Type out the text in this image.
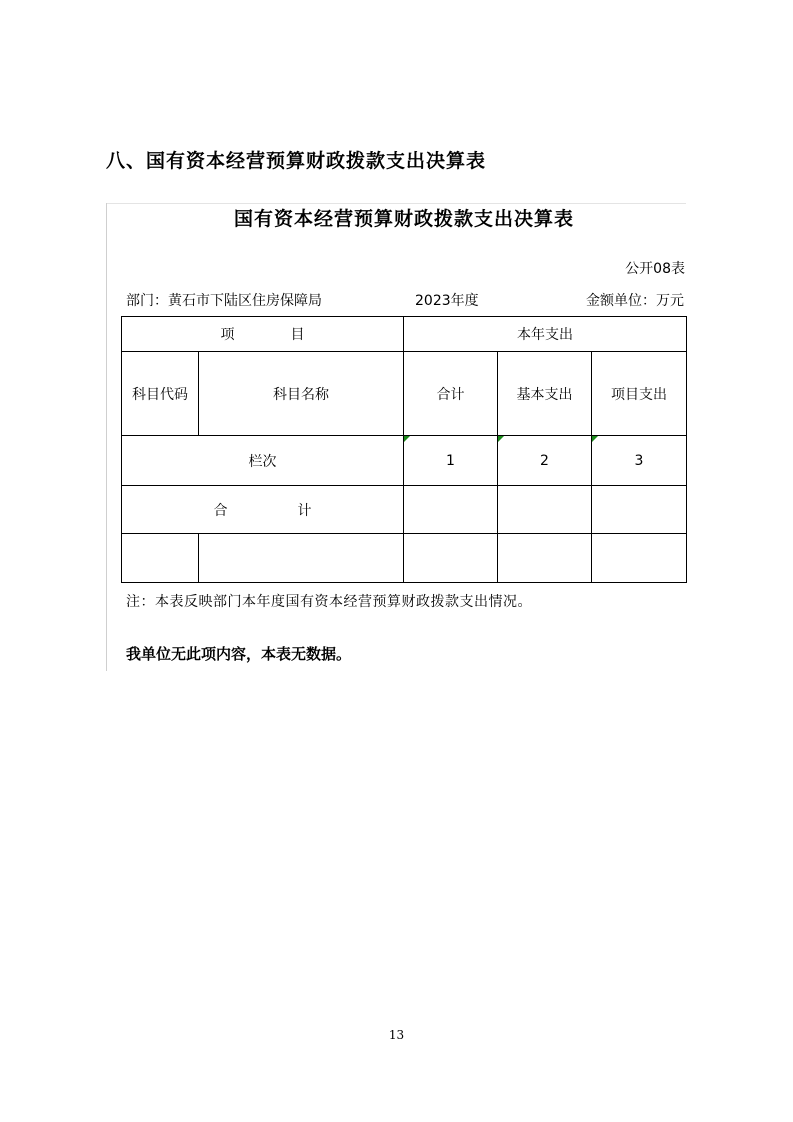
八、国有资本经营预算财政拨款支出决算表
国有资本经营预算财政拨款支出决算表
公开08表
部门：黄石市下陆区住房保障局	2023年度	金额单位：万元
项　　　　目		本年支出		
科目代码	科目名称	合计	基本支出	项目支出
栏次		1	2	3
合　　　　　计				

注：本表反映部门本年度国有资本经营预算财政拨款支出情况。
我单位无此项内容，本表无数据。
13
